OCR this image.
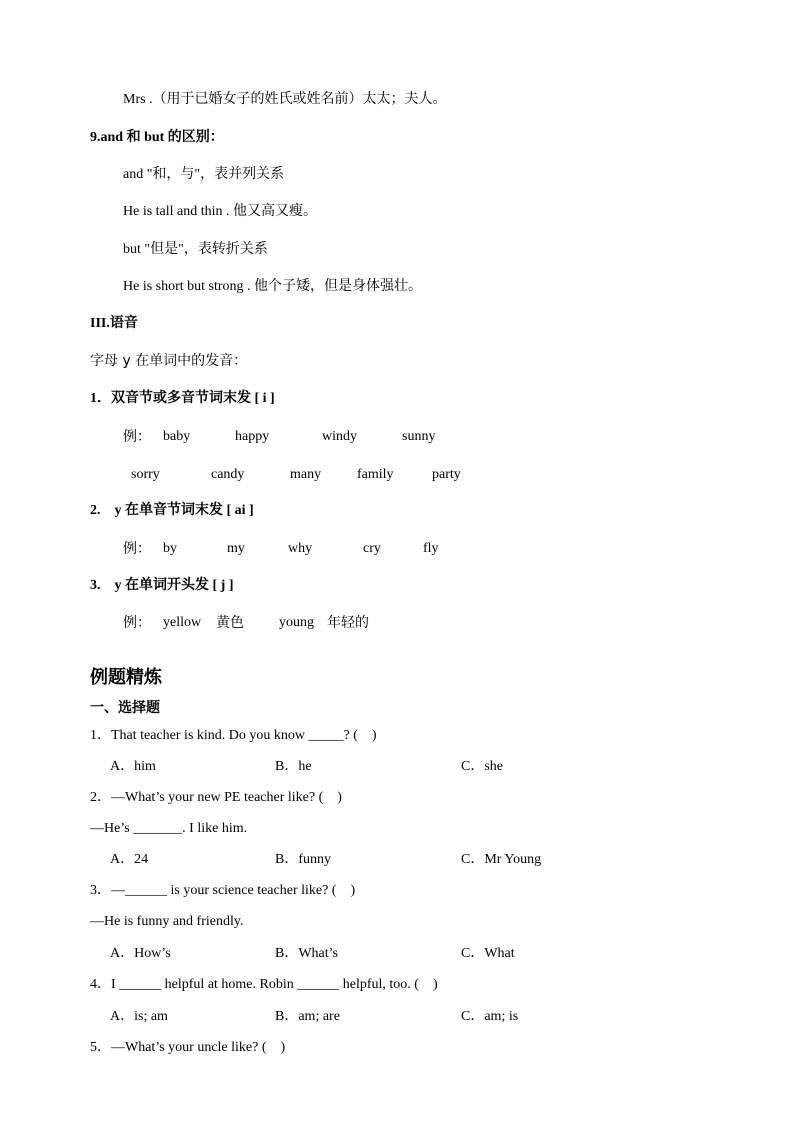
Mrs .（用于已婚女子的姓氏或姓名前）太太；夫人。
9.and 和 but 的区别：
and "和，与"，表并列关系
He is tall and thin . 他又高又瘦。
but "但是"，表转折关系
He is short but strong . 他个子矮，但是身体强壮。
III.语音
字母 y 在单词中的发音：
1．双音节或多音节词末发 [ i ]
例： baby	happy	windy	sunny
sorry	candy	many	family	party
2.　y 在单音节词末发 [ ai ]
例： by	my	why	cry	fly
3.　y 在单词开头发 [ j ]
例： yellow 黄色	young 年轻的
例题精炼
一、选择题
1．That teacher is kind. Do you know _____? (　)
A．him	B．he	C．she
2．—What’s your new PE teacher like? (　)
—He’s _______. I like him.
A．24	B．funny	C．Mr Young
3．—______ is your science teacher like? (　)
—He is funny and friendly.
A．How’s	B．What’s	C．What
4．I ______ helpful at home. Robin ______ helpful, too. (　)
A．is; am	B．am; are	C．am; is
5．—What’s your uncle like? (　)
